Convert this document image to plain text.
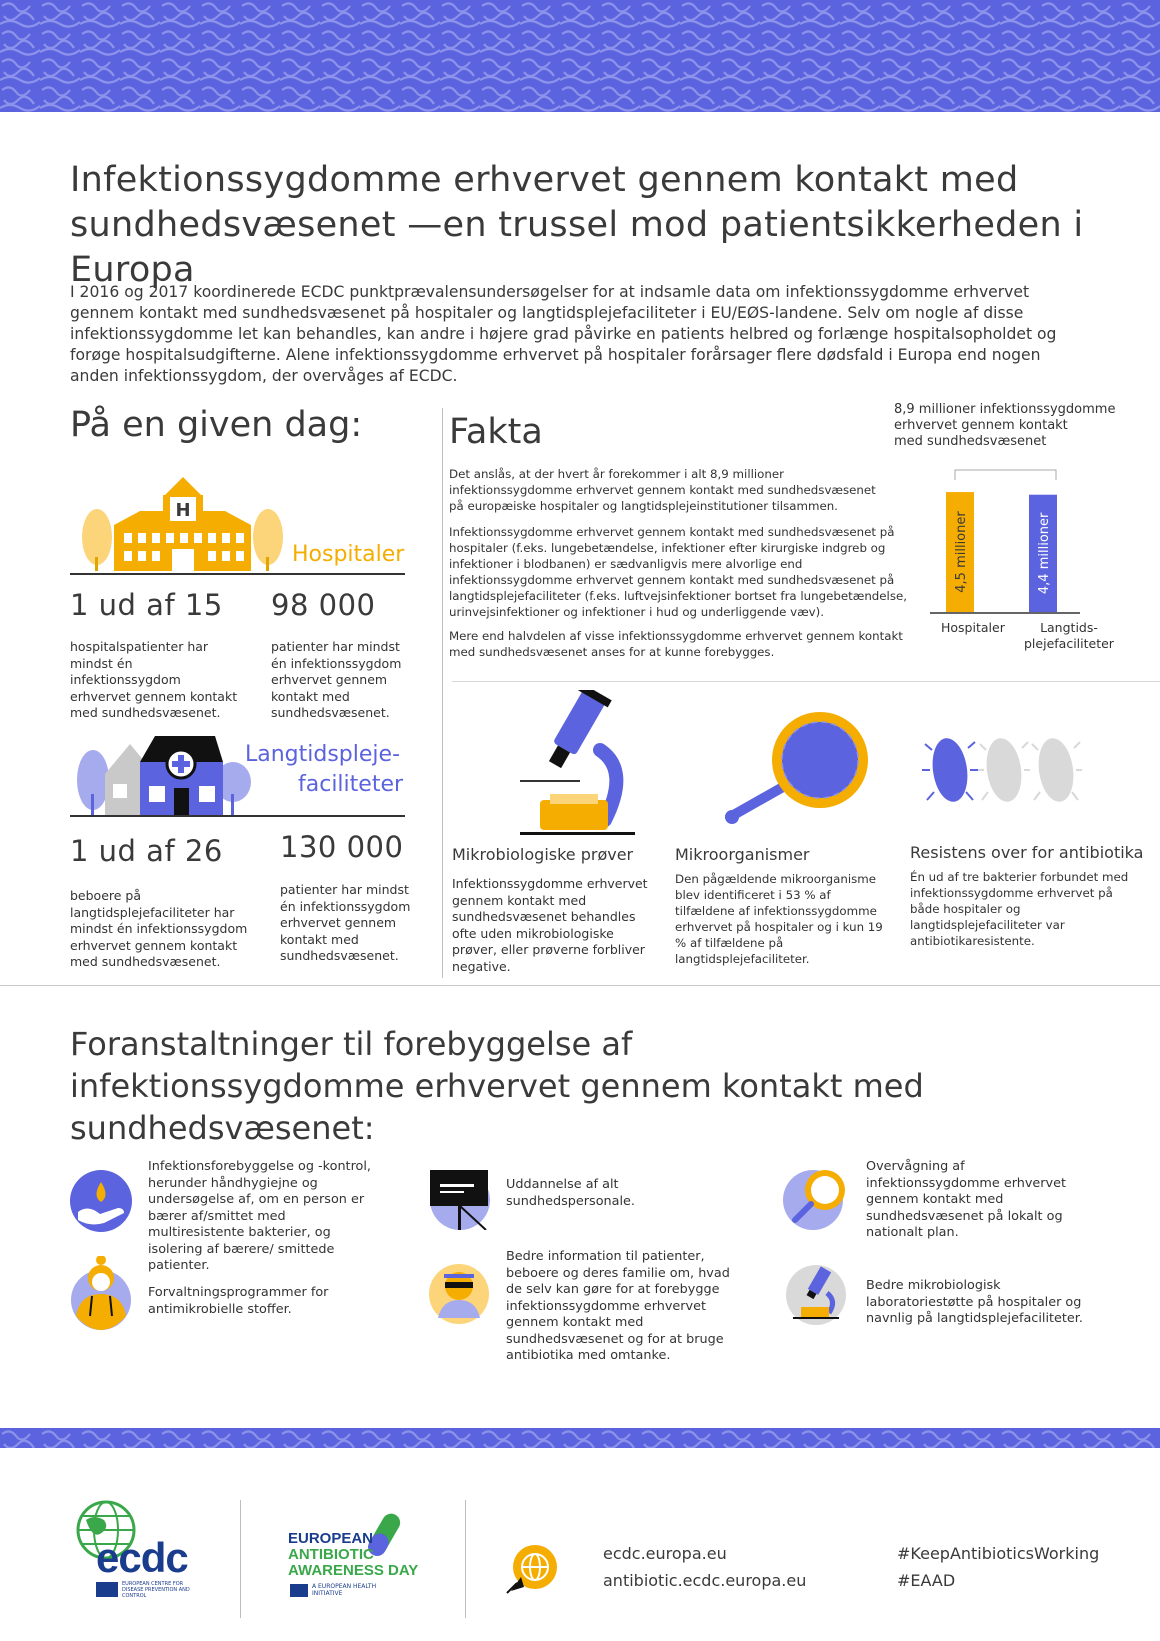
Infektionssygdomme erhvervet gennem kontakt med sundhedsvæsenet —en trussel mod patientsikkerheden i Europa

I 2016 og 2017 koordinerede ECDC punktprævalensundersøgelser for at indsamle data om infektionssygdomme erhvervet gennem kontakt med sundhedsvæsenet på hospitaler og langtidsplejefaciliteter i EU/EØS-landene. Selv om nogle af disse infektionssygdomme let kan behandles, kan andre i højere grad påvirke en patients helbred og forlænge hospitalsopholdet og forøge hospitalsudgifterne. Alene infektionssygdomme erhvervet på hospitaler forårsager flere dødsfald i Europa end nogen anden infektionssygdom, der overvåges af ECDC.

På en given dag:
H
Hospitaler
1 ud af 15 98 000
hospitalspatienter har mindst én infektionssygdom erhvervet gennem kontakt med sundhedsvæsenet.
patienter har mindst én infektionssygdom erhvervet gennem kontakt med sundhedsvæsenet.
Langtidspleje-
faciliteter
1 ud af 26 130 000
beboere på langtidsplejefaciliteter har mindst én infektionssygdom erhvervet gennem kontakt med sundhedsvæsenet.
patienter har mindst én infektionssygdom erhvervet gennem kontakt med sundhedsvæsenet.
Fakta
Det anslås, at der hvert år forekommer i alt 8,9 millioner infektionssygdomme erhvervet gennem kontakt med sundhedsvæsenet på europæiske hospitaler og langtidsplejeinstitutioner tilsammen.
Infektionssygdomme erhvervet gennem kontakt med sundhedsvæsenet på hospitaler (f.eks. lungebetændelse, infektioner efter kirurgiske indgreb og infektioner i blodbanen) er sædvanligvis mere alvorlige end infektionssygdomme erhvervet gennem kontakt med sundhedsvæsenet på langtidsplejefaciliteter (f.eks. luftvejsinfektioner bortset fra lungebetændelse, urinvejsinfektioner og infektioner i hud og underliggende væv).
Mere end halvdelen af visse infektionssygdomme erhvervet gennem kontakt med sundhedsvæsenet anses for at kunne forebygges.
8,9 millioner infektionssygdomme
erhvervet gennem kontakt
med sundhedsvæsenet
4,5 millioner	4,4 millioner
Hospitaler	Langtids-
plejefaciliteter
Mikrobiologiske prøver
Infektionssygdomme erhvervet gennem kontakt med sundhedsvæsenet behandles ofte uden mikrobiologiske prøver, eller prøverne forbliver negative.
Mikroorganismer
Den pågældende mikroorganisme blev identificeret i 53 % af tilfældene af infektionssygdomme erhvervet på hospitaler og i kun 19 % af tilfældene på langtidsplejefaciliteter.
Resistens over for antibiotika
Én ud af tre bakterier forbundet med infektionssygdomme erhvervet på både hospitaler og langtidsplejefaciliteter var antibiotikaresistente.
Foranstaltninger til forebyggelse af infektionssygdomme erhvervet gennem kontakt med sundhedsvæsenet:
Infektionsforebyggelse og -kontrol, herunder håndhygiejne og undersøgelse af, om en person er bærer af/smittet med multiresistente bakterier, og isolering af bærere/ smittede patienter.
Uddannelse af alt sundhedspersonale.
Overvågning af infektionssygdomme erhvervet gennem kontakt med sundhedsvæsenet på lokalt og nationalt plan.
Forvaltningsprogrammer for antimikrobielle stoffer.
Bedre information til patienter, beboere og deres familie om, hvad de selv kan gøre for at forebygge infektionssygdomme erhvervet gennem kontakt med sundhedsvæsenet og for at bruge antibiotika med omtanke.
Bedre mikrobiologisk laboratoriestøtte på hospitaler og navnlig på langtidsplejefaciliteter.
ecdc
EUROPEAN CENTRE FOR DISEASE PREVENTION AND CONTROL
EUROPEAN
ANTIBIOTIC
AWARENESS DAY
A EUROPEAN HEALTH INITIATIVE
ecdc.europa.eu
antibiotic.ecdc.europa.eu
#KeepAntibioticsWorking
#EAAD
